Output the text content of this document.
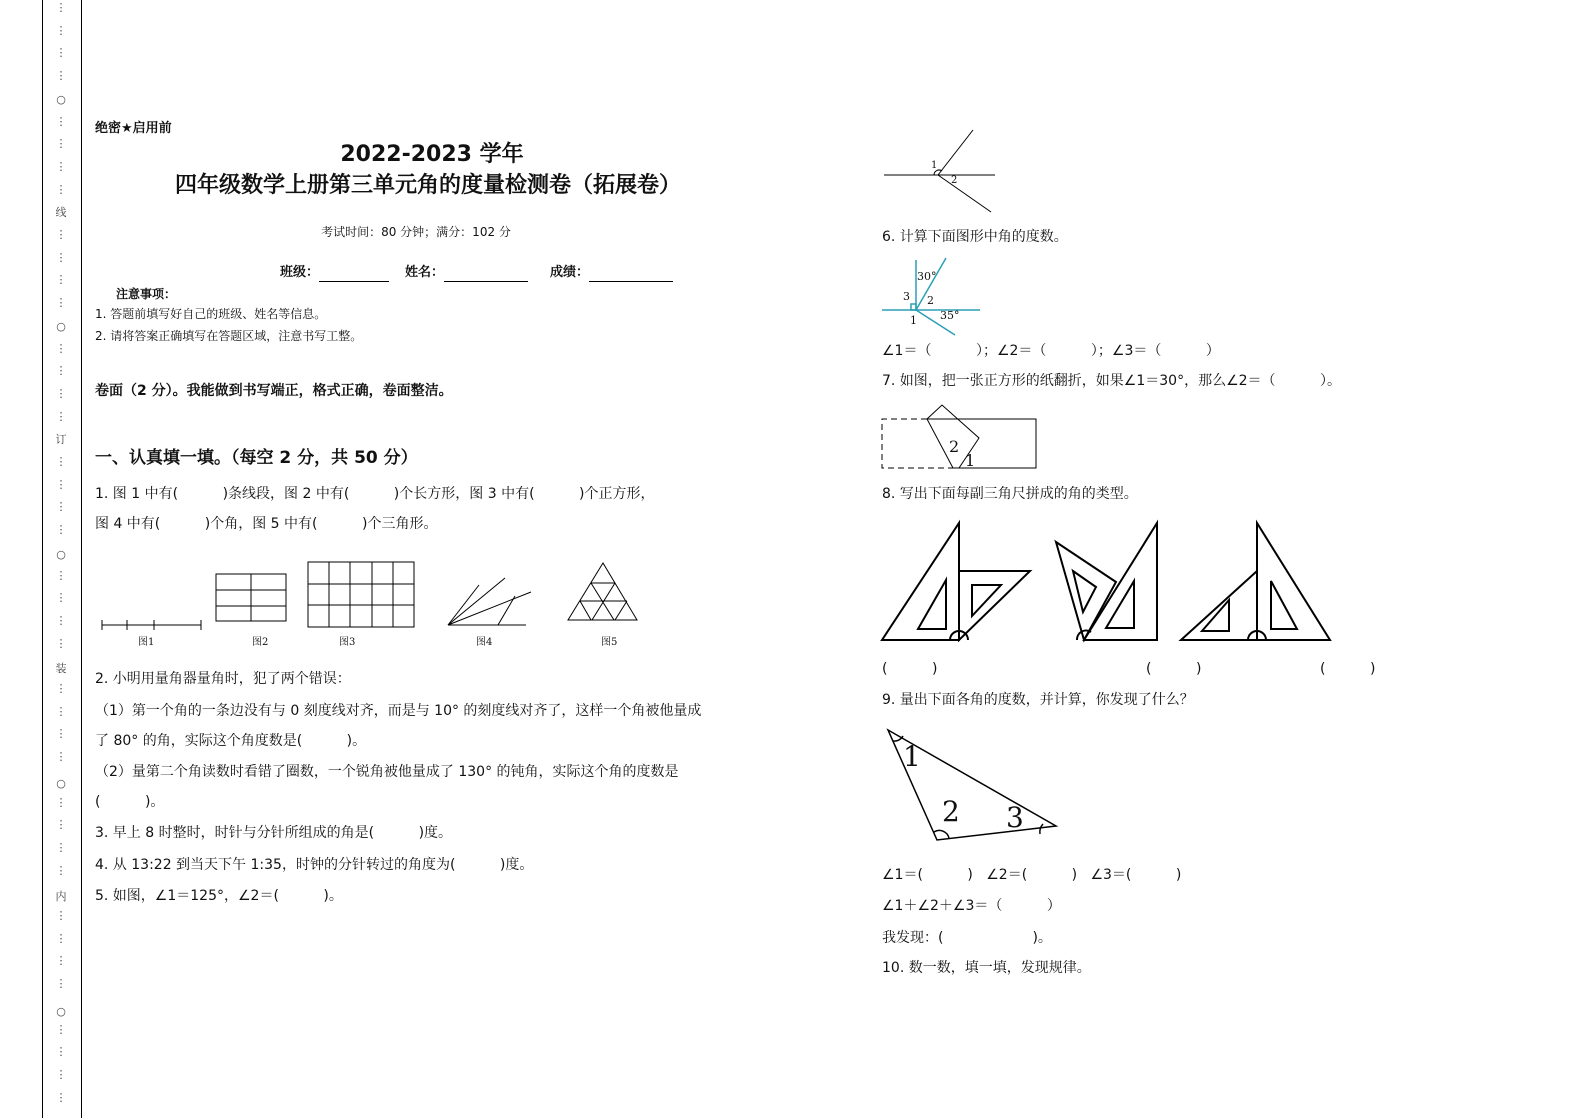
⋮
⋮
⋮
⋮
⋮
⋮
⋮
⋮
⋮
⋮
⋮
⋮
⋮
⋮
⋮
⋮
⋮
⋮
⋮
⋮
⋮
⋮
⋮
⋮
⋮
⋮
⋮
⋮
⋮
⋮
⋮
⋮
⋮
⋮
⋮
⋮
⋮
⋮
⋮
⋮
○
○
○
○
○
线
订
装
内
绝密★启用前
2022-2023 学年
四年级数学上册第三单元角的度量检测卷（拓展卷）
考试时间：80 分钟；满分：102 分
班级：	姓名：	成绩：
注意事项：
1. 答题前填写好自己的班级、姓名等信息。
2. 请将答案正确填写在答题区域，注意书写工整。
卷面（2 分）。我能做到书写端正，格式正确，卷面整洁。
一、认真填一填。（每空 2 分，共 50 分）
1. 图 1 中有(          )条线段，图 2 中有(          )个长方形，图 3 中有(          )个正方形，
图 4 中有(          )个角，图 5 中有(          )个三角形。
图1	图2	图3	图4	图5
2. 小明用量角器量角时，犯了两个错误：
（1）第一个角的一条边没有与 0 刻度线对齐，而是与 10° 的刻度线对齐了，这样一个角被他量成
了 80° 的角，实际这个角度数是(          )。
（2）量第二个角读数时看错了圈数，一个锐角被他量成了 130° 的钝角，实际这个角的度数是
(          )。
3. 早上 8 时整时，时针与分针所组成的角是(          )度。
4. 从 13:22 到当天下午 1:35，时钟的分针转过的角度为(          )度。
5. 如图，∠1＝125°，∠2＝(          )。
1
2
6. 计算下面图形中角的度数。
30°
3 2
1 35°
∠1＝（          ）；∠2＝（          ）；∠3＝（          ）
7. 如图，把一张正方形的纸翻折，如果∠1＝30°，那么∠2＝（          ）。
2
1
8. 写出下面每副三角尺拼成的角的类型。
(          )	(          )	(          )
9. 量出下面各角的度数，并计算，你发现了什么？
1
2 3
∠1＝(          )   ∠2＝(          )   ∠3＝(          )
∠1＋∠2＋∠3＝（          ）
我发现：(                    )。
10. 数一数，填一填，发现规律。
